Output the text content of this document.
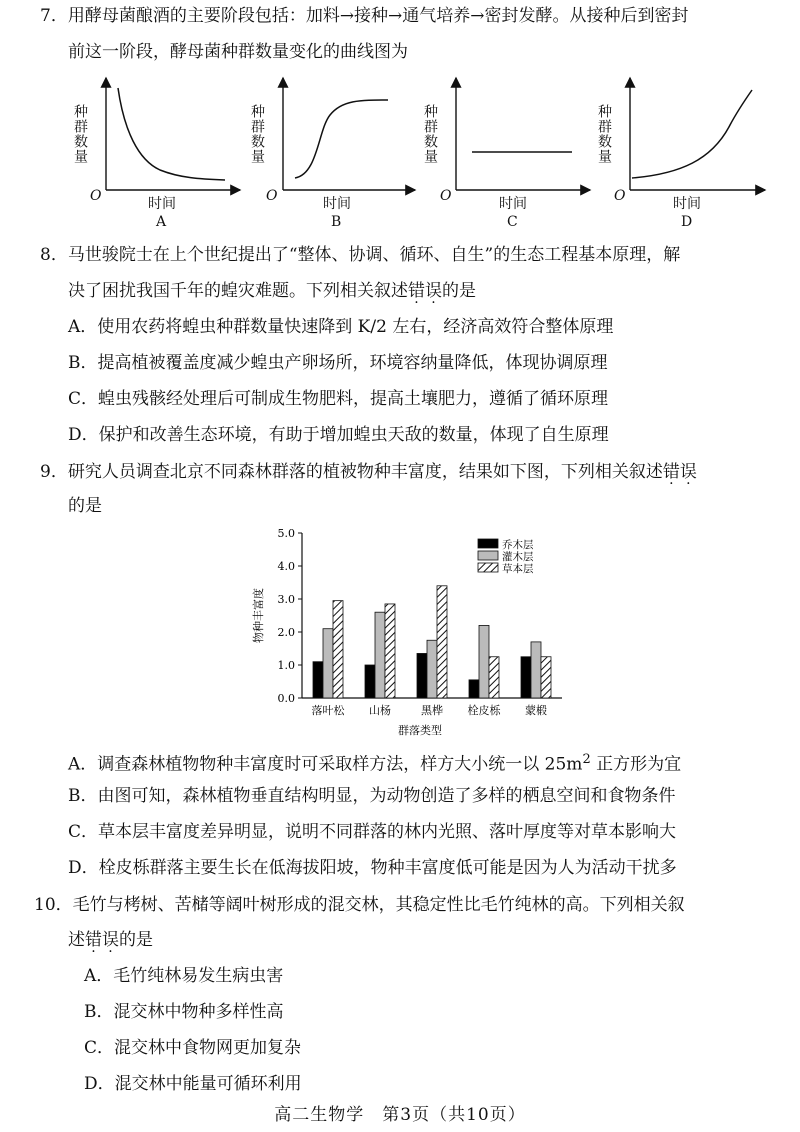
7．用酵母菌酿酒的主要阶段包括：加料→接种→通气培养→密封发酵。从接种后到密封
前这一阶段，酵母菌种群数量变化的曲线图为
种群数量	种群数量	种群数量	种群数量
O	O	O	O
时间	时间	时间	时间
A	B	C	D
8．马世骏院士在上个世纪提出了“整体、协调、循环、自生”的生态工程基本原理，解
决了困扰我国千年的蝗灾难题。下列相关叙述错误的是
A．使用农药将蝗虫种群数量快速降到 K/2 左右，经济高效符合整体原理
B．提高植被覆盖度减少蝗虫产卵场所，环境容纳量降低，体现协调原理
C．蝗虫残骸经处理后可制成生物肥料，提高土壤肥力，遵循了循环原理
D．保护和改善生态环境，有助于增加蝗虫天敌的数量，体现了自生原理
9．研究人员调查北京不同森林群落的植被物种丰富度，结果如下图，下列相关叙述错误
的是
0.0
1.0
2.0
3.0
4.0
5.0
物种丰富度
群落类型
落叶松 山杨	黑桦 栓皮栎 蒙椴
乔木层
灌木层
草本层
A．调查森林植物物种丰富度时可采取样方法，样方大小统一以 $25m^2$ 正方形为宜
B．由图可知，森林植物垂直结构明显，为动物创造了多样的栖息空间和食物条件
C．草本层丰富度差异明显，说明不同群落的林内光照、落叶厚度等对草本影响大
D．栓皮栎群落主要生长在低海拔阳坡，物种丰富度低可能是因为人为活动干扰多
10．毛竹与栲树、苦槠等阔叶树形成的混交林，其稳定性比毛竹纯林的高。下列相关叙
述错误的是
A．毛竹纯林易发生病虫害
B．混交林中物种多样性高
C．混交林中食物网更加复杂
D．混交林中能量可循环利用
高二生物学　第3页（共10页）
